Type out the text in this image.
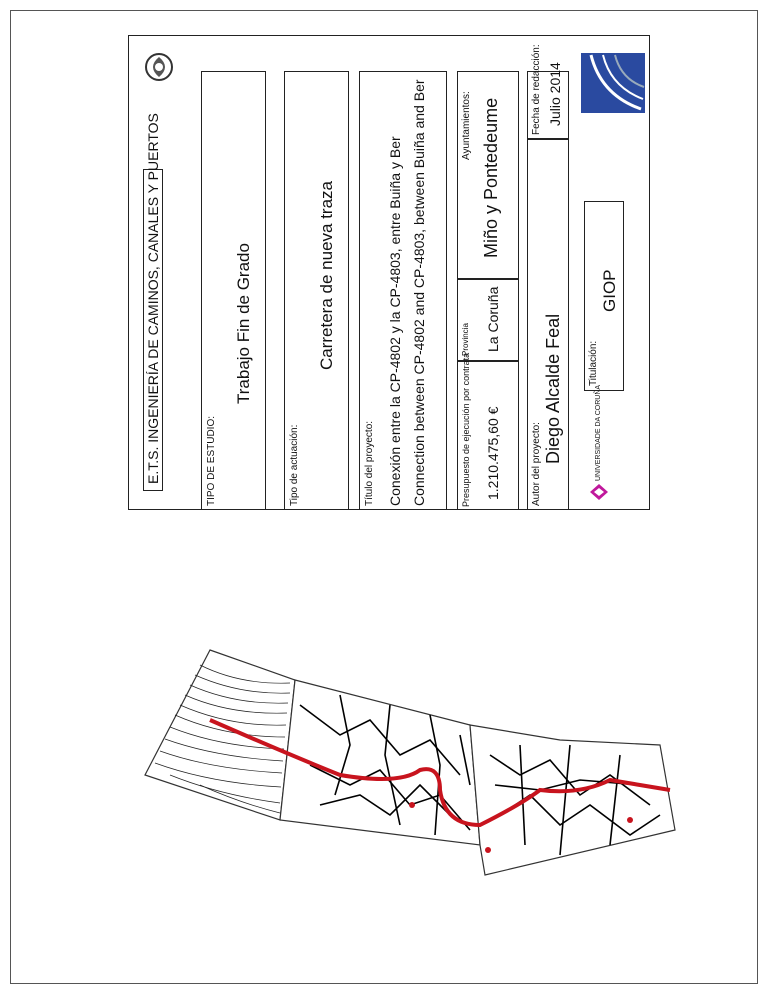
E.T.S. INGENIERÍA DE CAMINOS, CANALES Y PUERTOS	TIPO DE ESTUDIO:
Trabajo Fin de Grado
Tipo de actuación:
Carretera de nueva traza
Título del proyecto: Conexión entre la CP-4802 y la CP-4803, entre Buiña y Ber Connection between CP-4802 and CP-4803, between Buiña and Ber	Presupuesto de ejecución por contrata 1.210.475,60 €
Provincia La Coruña
Ayuntamientos: Miño y Pontedeume
Autor del proyecto:
Diego Alcalde Feal
Fecha de redacción: Julio 2014
UNIVERSIDADE DA CORUÑA
Titulación:
GIOP
